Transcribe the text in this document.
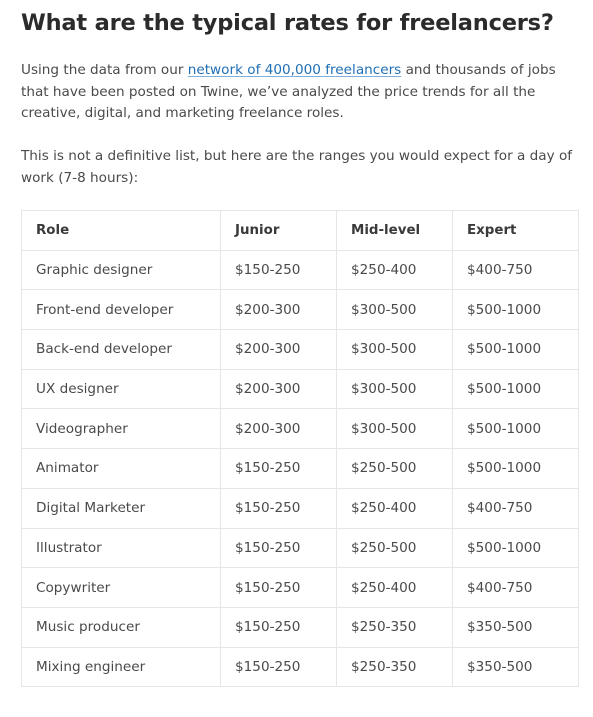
What are the typical rates for freelancers?

Using the data from our network of 400,000 freelancers and thousands of jobs that have been posted on Twine, we’ve analyzed the price trends for all the creative, digital, and marketing freelance roles.

This is not a definitive list, but here are the ranges you would expect for a day of work (7-8 hours):

Role	Junior	Mid-level	Expert
Graphic designer	$150-250	$250-400	$400-750
Front-end developer	$200-300	$300-500	$500-1000
Back-end developer	$200-300	$300-500	$500-1000
UX designer	$200-300	$300-500	$500-1000
Videographer	$200-300	$300-500	$500-1000
Animator	$150-250	$250-500	$500-1000
Digital Marketer	$150-250	$250-400	$400-750
Illustrator	$150-250	$250-500	$500-1000
Copywriter	$150-250	$250-400	$400-750
Music producer	$150-250	$250-350	$350-500
Mixing engineer	$150-250	$250-350	$350-500
